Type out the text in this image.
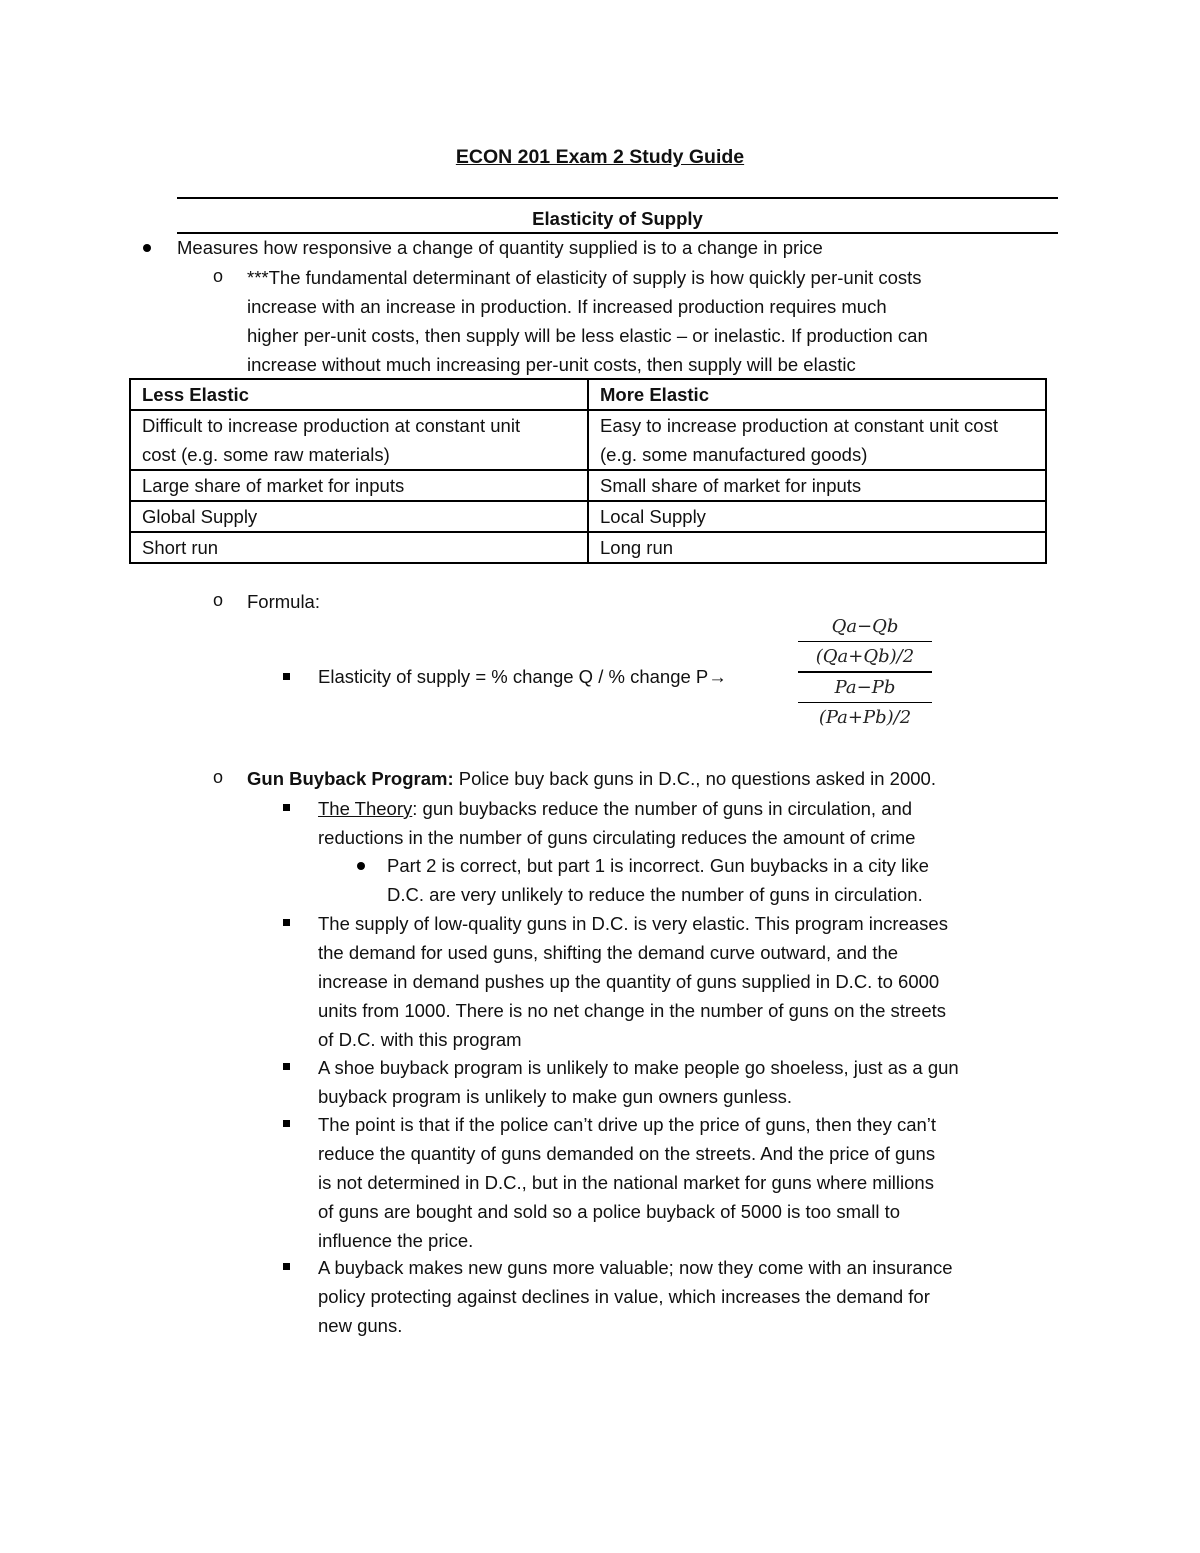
ECON 201 Exam 2 Study Guide
Elasticity of Supply
Measures how responsive a change of quantity supplied is to a change in price
o ***The fundamental determinant of elasticity of supply is how quickly per-unit costs
increase with an increase in production. If increased production requires much
higher per-unit costs, then supply will be less elastic – or inelastic. If production can
increase without much increasing per-unit costs, then supply will be elastic
Less Elastic	More Elastic
Difficult to increase production at constant unit cost (e.g. some raw materials)	Easy to increase production at constant unit cost (e.g. some manufactured goods)
Large share of market for inputs	Small share of market for inputs
Global Supply	Local Supply
Short run	Long run
o Formula:
Elasticity of supply = % change Q / % change P→
Qa−Qb
(Qa+Qb)/2
Pa−Pb
(Pa+Pb)/2
o Gun Buyback Program: Police buy back guns in D.C., no questions asked in 2000.
The Theory: gun buybacks reduce the number of guns in circulation, and
reductions in the number of guns circulating reduces the amount of crime
Part 2 is correct, but part 1 is incorrect. Gun buybacks in a city like
D.C. are very unlikely to reduce the number of guns in circulation.
The supply of low-quality guns in D.C. is very elastic. This program increases
the demand for used guns, shifting the demand curve outward, and the
increase in demand pushes up the quantity of guns supplied in D.C. to 6000
units from 1000. There is no net change in the number of guns on the streets
of D.C. with this program
A shoe buyback program is unlikely to make people go shoeless, just as a gun
buyback program is unlikely to make gun owners gunless.
The point is that if the police can’t drive up the price of guns, then they can’t
reduce the quantity of guns demanded on the streets. And the price of guns
is not determined in D.C., but in the national market for guns where millions
of guns are bought and sold so a police buyback of 5000 is too small to
influence the price.
A buyback makes new guns more valuable; now they come with an insurance
policy protecting against declines in value, which increases the demand for
new guns.
